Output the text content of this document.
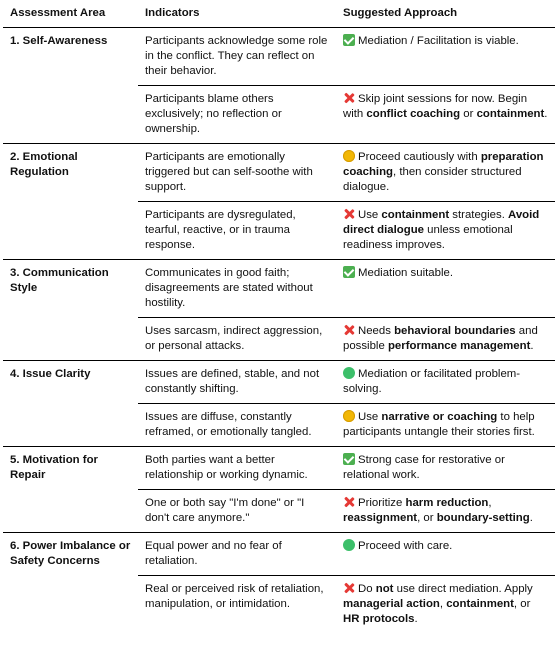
Assessment Area	Indicators	Suggested Approach
1. Self-Awareness	Participants acknowledge some role in the conflict. They can reflect on their behavior.	Mediation / Facilitation is viable.
	Participants blame others exclusively; no reflection or ownership.	Skip joint sessions for now. Begin with conflict coaching or containment.
2. Emotional Regulation	Participants are emotionally triggered but can self-soothe with support.	Proceed cautiously with preparation coaching, then consider structured dialogue.
	Participants are dysregulated, tearful, reactive, or in trauma response.	Use containment strategies. Avoid direct dialogue unless emotional readiness improves.
3. Communication Style	Communicates in good faith; disagreements are stated without hostility.	Mediation suitable.
	Uses sarcasm, indirect aggression, or personal attacks.	Needs behavioral boundaries and possible performance management.
4. Issue Clarity	Issues are defined, stable, and not constantly shifting.	Mediation or facilitated problem-solving.
	Issues are diffuse, constantly reframed, or emotionally tangled.	Use narrative or coaching to help participants untangle their stories first.
5. Motivation for Repair	Both parties want a better relationship or working dynamic.	Strong case for restorative or relational work.
	One or both say "I'm done" or "I don't care anymore."	Prioritize harm reduction, reassignment, or boundary-setting.
6. Power Imbalance or Safety Concerns	Equal power and no fear of retaliation.	Proceed with care.
	Real or perceived risk of retaliation, manipulation, or intimidation.	Do not use direct mediation. Apply managerial action, containment, or HR protocols.
